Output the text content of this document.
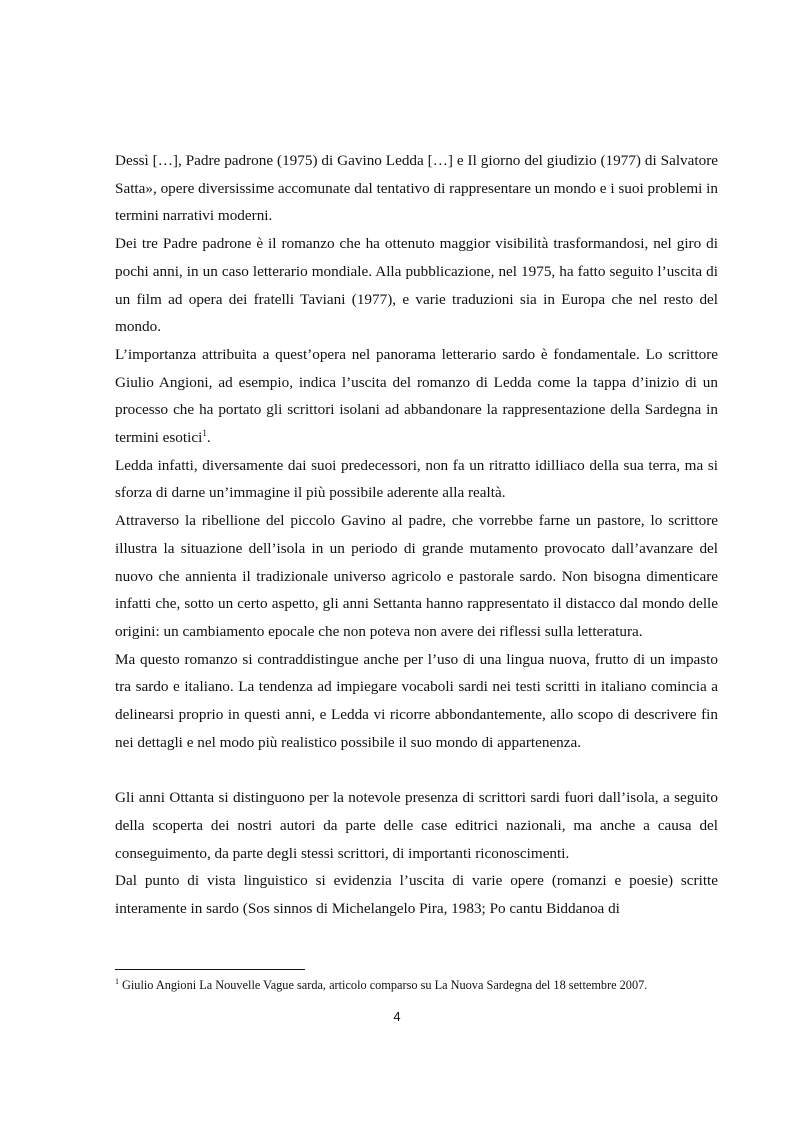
Dessì […], Padre padrone (1975) di Gavino Ledda […] e Il giorno del giudizio (1977) di Salvatore Satta», opere diversissime accomunate dal tentativo di rappresentare un mondo e i suoi problemi in termini narrativi moderni.

Dei tre Padre padrone è il romanzo che ha ottenuto maggior visibilità trasformandosi, nel giro di pochi anni, in un caso letterario mondiale. Alla pubblicazione, nel 1975, ha fatto seguito l’uscita di un film ad opera dei fratelli Taviani (1977), e varie traduzioni sia in Europa che nel resto del mondo.

L’importanza attribuita a quest’opera nel panorama letterario sardo è fondamentale. Lo scrittore Giulio Angioni, ad esempio, indica l’uscita del romanzo di Ledda come la tappa d’inizio di un processo che ha portato gli scrittori isolani ad abbandonare la rappresentazione della Sardegna in termini esotici$^1$.

Ledda infatti, diversamente dai suoi predecessori, non fa un ritratto idilliaco della sua terra, ma si sforza di darne un’immagine il più possibile aderente alla realtà.

Attraverso la ribellione del piccolo Gavino al padre, che vorrebbe farne un pastore, lo scrittore illustra la situazione dell’isola in un periodo di grande mutamento provocato dall’avanzare del nuovo che annienta il tradizionale universo agricolo e pastorale sardo. Non bisogna dimenticare infatti che, sotto un certo aspetto, gli anni Settanta hanno rappresentato il distacco dal mondo delle origini: un cambiamento epocale che non poteva non avere dei riflessi sulla letteratura.

Ma questo romanzo si contraddistingue anche per l’uso di una lingua nuova, frutto di un impasto tra sardo e italiano. La tendenza ad impiegare vocaboli sardi nei testi scritti in italiano comincia a delinearsi proprio in questi anni, e Ledda vi ricorre abbondantemente, allo scopo di descrivere fin nei dettagli e nel modo più realistico possibile il suo mondo di appartenenza.

Gli anni Ottanta si distinguono per la notevole presenza di scrittori sardi fuori dall’isola, a seguito della scoperta dei nostri autori da parte delle case editrici nazionali, ma anche a causa del conseguimento, da parte degli stessi scrittori, di importanti riconoscimenti.

Dal punto di vista linguistico si evidenzia l’uscita di varie opere (romanzi e poesie) scritte interamente in sardo (Sos sinnos di Michelangelo Pira, 1983; Po cantu Biddanoa di

$^1$ Giulio Angioni La Nouvelle Vague sarda, articolo comparso su La Nuova Sardegna del 18 settembre 2007.
4
